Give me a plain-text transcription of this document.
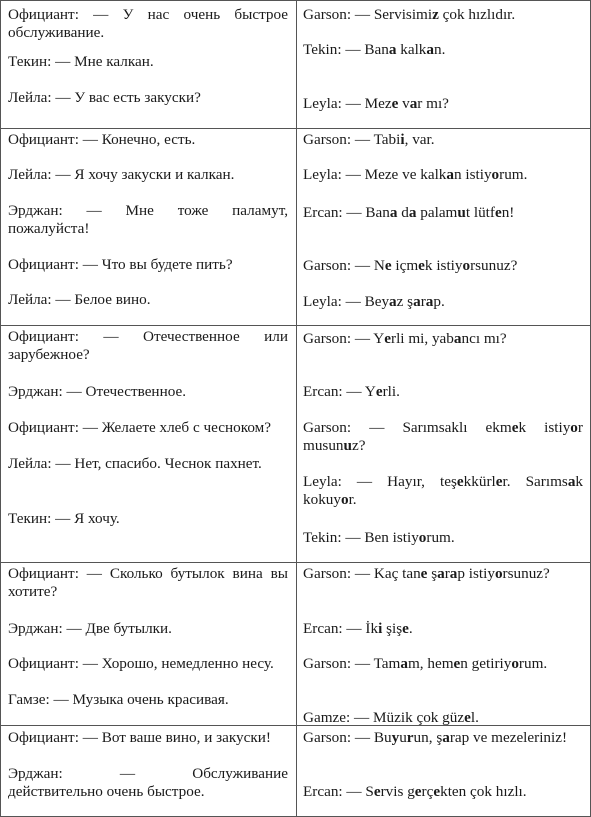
Официант: — У нас очень быстрое
обслуживание.
Текин: — Мне калкан.
Лейла: — У вас есть закуски?
Официант: — Конечно, есть.
Лейла: — Я хочу закуски и калкан.
Эрджан: — Мне тоже паламут,
пожалуйста!
Официант: — Что вы будете пить?
Лейла: — Белое вино.
Официант: — Отечественное или
зарубежное?
Эрджан: — Отечественное.
Официант: — Желаете хлеб с чесноком?
Лейла: — Нет, спасибо. Чеснок пахнет.
Текин: — Я хочу.
Официант: — Сколько бутылок вина вы
хотите?
Эрджан: — Две бутылки.
Официант: — Хорошо, немедленно несу.
Гамзе: — Музыка очень красивая.
Официант: — Вот ваше вино, и закуски!
Эрджан:	—	Обслуживание
действительно очень быстрое.
Garson: — Servisimiz çok hızlıdır.
Tekin: — Bana kalkan.
Leyla: — Meze var mı?
Garson: — Tabii, var.
Leyla: — Meze ve kalkan istiyorum.
Ercan: — Bana da palamut lütfen!
Garson: — Ne içmek istiyorsunuz?
Leyla: — Beyaz şarap.
Garson: — Yerli mi, yabancı mı?
Ercan: — Yerli.
Garson: — Sarımsaklı ekmek istiyor
musunuz?
Leyla: — Hayır, teşekkürler. Sarımsak
kokuyor.
Tekin: — Ben istiyorum.
Garson: — Kaç tane şarap istiyorsunuz?
Ercan: — İki şişe.
Garson: — Tamam, hemen getiriyorum.
Gamze: — Müzik çok güzel.
Garson: — Buyurun, şarap ve mezeleriniz!
Ercan: — Servis gerçekten çok hızlı.
